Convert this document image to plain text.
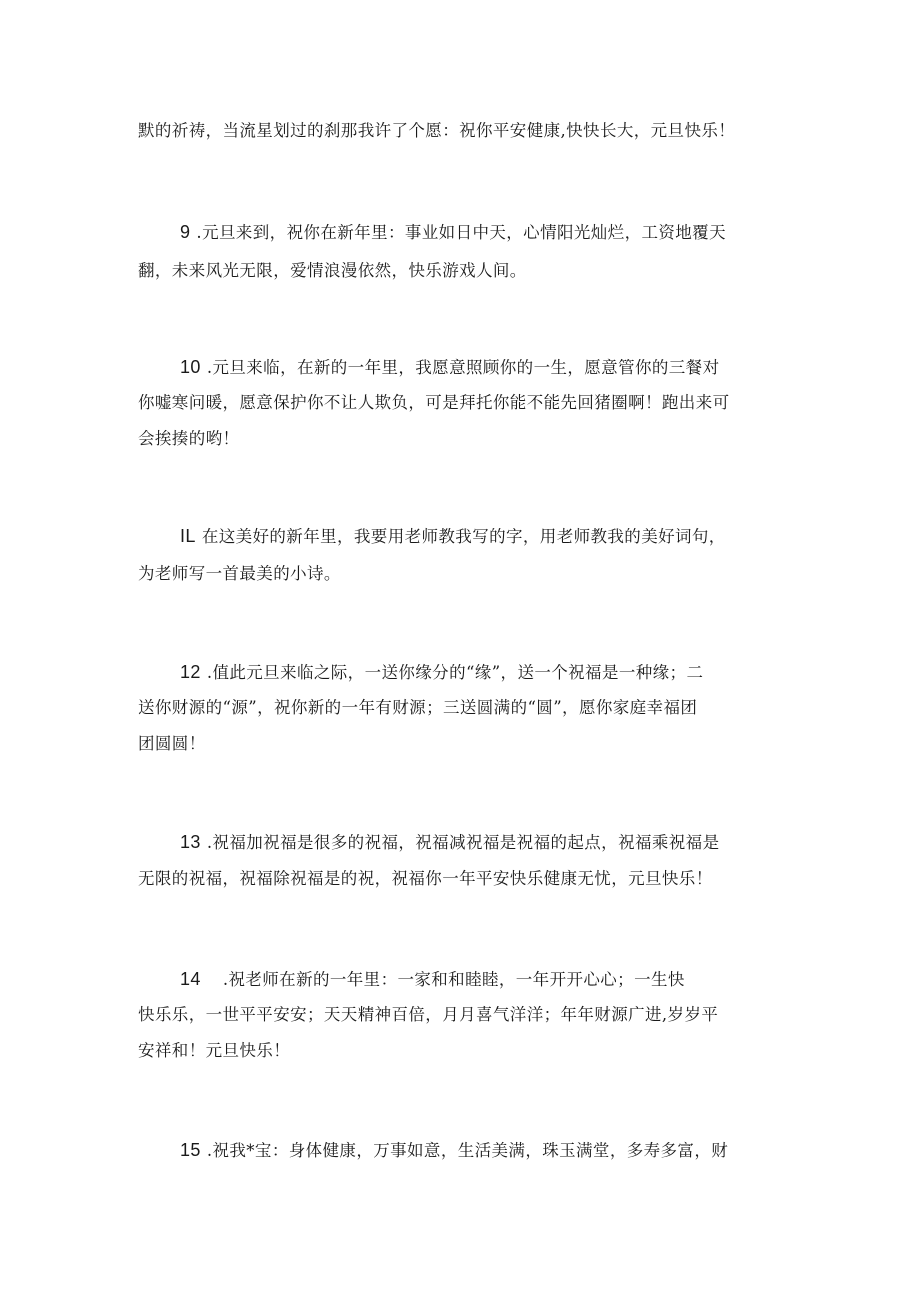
默的祈祷，当流星划过的刹那我许了个愿：祝你平安健康,快快长大，元旦快乐！
9 .元旦来到，祝你在新年里：事业如日中天，心情阳光灿烂，工资地覆天
翻，未来风光无限，爱情浪漫依然，快乐游戏人间。
10 .元旦来临，在新的一年里，我愿意照顾你的一生，愿意管你的三餐对
你嘘寒问暖，愿意保护你不让人欺负，可是拜托你能不能先回猪圈啊！跑出来可
会挨揍的哟！
IL 在这美好的新年里，我要用老师教我写的字，用老师教我的美好词句，
为老师写一首最美的小诗。
12 .值此元旦来临之际，一送你缘分的“缘”，送一个祝福是一种缘；二
送你财源的“源”，祝你新的一年有财源；三送圆满的“圆”，愿你家庭幸福团
团圆圆！
13 .祝福加祝福是很多的祝福，祝福减祝福是祝福的起点，祝福乘祝福是
无限的祝福，祝福除祝福是的祝，祝福你一年平安快乐健康无忧，元旦快乐！
14 .祝老师在新的一年里：一家和和睦睦，一年开开心心；一生快
快乐乐，一世平平安安；天天精神百倍，月月喜气洋洋；年年财源广进,岁岁平
安祥和！元旦快乐！
15 .祝我*宝：身体健康，万事如意，生活美满，珠玉满堂，多寿多富，财
